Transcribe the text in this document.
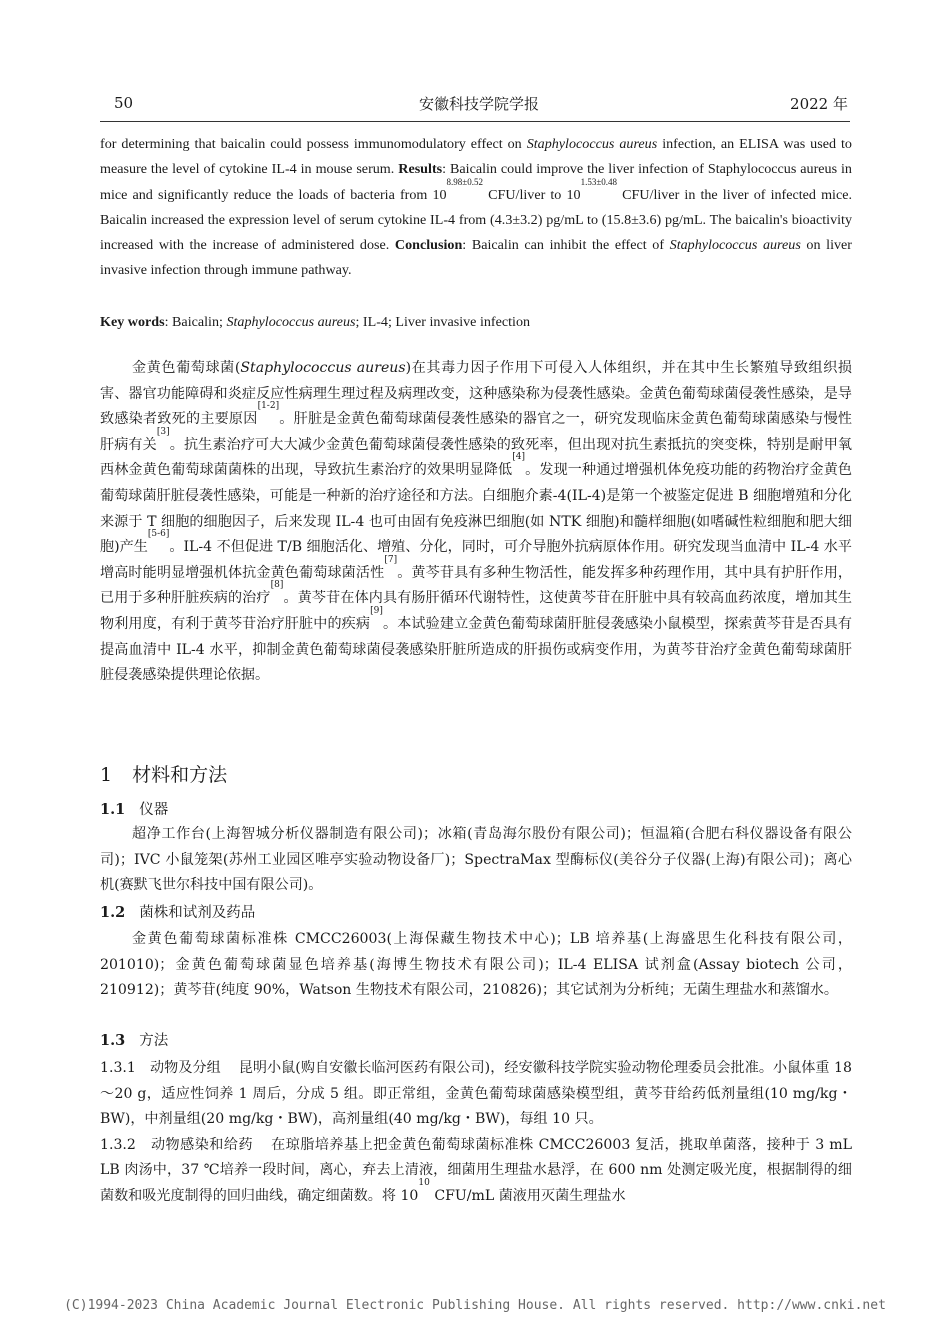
50	安徽科技学院学报	2022 年

for determining that baicalin could possess immunomodulatory effect on Staphylococcus aureus infection, an ELISA was used to measure the level of cytokine IL-4 in mouse serum. Results: Baicalin could improve the liver infection of Staphylococcus aureus in mice and significantly reduce the loads of bacteria from $10^{8.98\pm 0.52}$ CFU/liver to $10^{1.53\pm 0.48}$ CFU/liver in the liver of infected mice. Baicalin increased the expression level of serum cytokine IL-4 from (4.3±3.2) pg/mL to (15.8±3.6) pg/mL. The baicalin's bioactivity increased with the increase of administered dose. Conclusion: Baicalin can inhibit the effect of Staphylococcus aureus on liver invasive infection through immune pathway.

Key words: Baicalin; Staphylococcus aureus; IL-4; Liver invasive infection

金黄色葡萄球菌(Staphylococcus aureus)在其毒力因子作用下可侵入人体组织，并在其中生长繁殖导致组织损害、器官功能障碍和炎症反应性病理生理过程及病理改变，这种感染称为侵袭性感染。金黄色葡萄球菌侵袭性感染，是导致感染者致死的主要原因[1-2]。肝脏是金黄色葡萄球菌侵袭性感染的器官之一，研究发现临床金黄色葡萄球菌感染与慢性肝病有关[3]。抗生素治疗可大大减少金黄色葡萄球菌侵袭性感染的致死率，但出现对抗生素抵抗的突变株，特别是耐甲氧西林金黄色葡萄球菌菌株的出现，导致抗生素治疗的效果明显降低[4]。发现一种通过增强机体免疫功能的药物治疗金黄色葡萄球菌肝脏侵袭性感染，可能是一种新的治疗途径和方法。白细胞介素-4(IL-4)是第一个被鉴定促进 B 细胞增殖和分化来源于 T 细胞的细胞因子，后来发现 IL-4 也可由固有免疫淋巴细胞(如 NTK 细胞)和髓样细胞(如嗜碱性粒细胞和肥大细胞)产生[5-6]。IL-4 不但促进 T/B 细胞活化、增殖、分化，同时，可介导胞外抗病原体作用。研究发现当血清中 IL-4 水平增高时能明显增强机体抗金黄色葡萄球菌活性[7]。黄芩苷具有多种生物活性，能发挥多种药理作用，其中具有护肝作用，已用于多种肝脏疾病的治疗[8]。黄芩苷在体内具有肠肝循环代谢特性，这使黄芩苷在肝脏中具有较高血药浓度，增加其生物利用度，有利于黄芩苷治疗肝脏中的疾病[9]。本试验建立金黄色葡萄球菌肝脏侵袭感染小鼠模型，探索黄芩苷是否具有提高血清中 IL-4 水平，抑制金黄色葡萄球菌侵袭感染肝脏所造成的肝损伤或病变作用，为黄芩苷治疗金黄色葡萄球菌肝脏侵袭感染提供理论依据。

1 材料和方法
1.1 仪器

超净工作台(上海智城分析仪器制造有限公司)；冰箱(青岛海尔股份有限公司)；恒温箱(合肥右科仪器设备有限公司)；IVC 小鼠笼架(苏州工业园区唯亭实验动物设备厂)；SpectraMax 型酶标仪(美谷分子仪器(上海)有限公司)；离心机(赛默飞世尔科技中国有限公司)。

1.2 菌株和试剂及药品

金黄色葡萄球菌标准株 CMCC26003(上海保藏生物技术中心)；LB 培养基(上海盛思生化科技有限公司，201010)；金黄色葡萄球菌显色培养基(海博生物技术有限公司)；IL-4 ELISA 试剂盒(Assay biotech 公司，210912)；黄芩苷(纯度 90%，Watson 生物技术有限公司，210826)；其它试剂为分析纯；无菌生理盐水和蒸馏水。

1.3 方法

1.3.1　动物及分组 昆明小鼠(购自安徽长临河医药有限公司)，经安徽科技学院实验动物伦理委员会批准。小鼠体重 18～20 g，适应性饲养 1 周后，分成 5 组。即正常组，金黄色葡萄球菌感染模型组，黄芩苷给药低剂量组(10 mg/kg・BW)，中剂量组(20 mg/kg・BW)，高剂量组(40 mg/kg・BW)，每组 10 只。

1.3.2　动物感染和给药 在琼脂培养基上把金黄色葡萄球菌标准株 CMCC26003 复活，挑取单菌落，接种于 3 mL LB 肉汤中，37 ℃培养一段时间，离心，弃去上清液，细菌用生理盐水悬浮，在 600 nm 处测定吸光度，根据制得的细菌数和吸光度制得的回归曲线，确定细菌数。将 $10^{10}$ CFU/mL 菌液用灭菌生理盐水

(C)1994-2023 China Academic Journal Electronic Publishing House. All rights reserved. http://www.cnki.net
